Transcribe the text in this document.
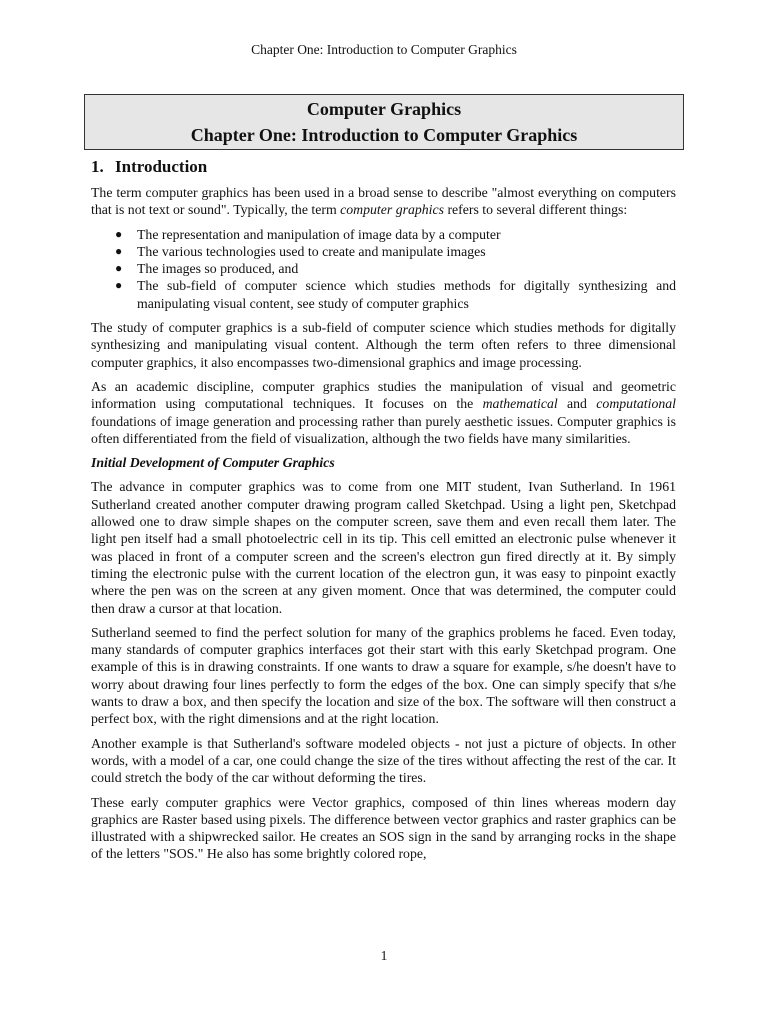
Chapter One: Introduction to Computer Graphics
Computer Graphics
Chapter One: Introduction to Computer Graphics
1. Introduction

The term computer graphics has been used in a broad sense to describe "almost everything on computers that is not text or sound". Typically, the term computer graphics refers to several different things:

● The representation and manipulation of image data by a computer
● The various technologies used to create and manipulate images
● The images so produced, and
● The sub-field of computer science which studies methods for digitally synthesizing and manipulating visual content, see study of computer graphics

The study of computer graphics is a sub-field of computer science which studies methods for digitally synthesizing and manipulating visual content. Although the term often refers to three dimensional computer graphics, it also encompasses two-dimensional graphics and image processing.

As an academic discipline, computer graphics studies the manipulation of visual and geometric information using computational techniques. It focuses on the mathematical and computational foundations of image generation and processing rather than purely aesthetic issues. Computer graphics is often differentiated from the field of visualization, although the two fields have many similarities.

Initial Development of Computer Graphics

The advance in computer graphics was to come from one MIT student, Ivan Sutherland. In 1961 Sutherland created another computer drawing program called Sketchpad. Using a light pen, Sketchpad allowed one to draw simple shapes on the computer screen, save them and even recall them later. The light pen itself had a small photoelectric cell in its tip. This cell emitted an electronic pulse whenever it was placed in front of a computer screen and the screen's electron gun fired directly at it. By simply timing the electronic pulse with the current location of the electron gun, it was easy to pinpoint exactly where the pen was on the screen at any given moment. Once that was determined, the computer could then draw a cursor at that location.

Sutherland seemed to find the perfect solution for many of the graphics problems he faced. Even today, many standards of computer graphics interfaces got their start with this early Sketchpad program. One example of this is in drawing constraints. If one wants to draw a square for example, s/he doesn't have to worry about drawing four lines perfectly to form the edges of the box. One can simply specify that s/he wants to draw a box, and then specify the location and size of the box. The software will then construct a perfect box, with the right dimensions and at the right location.

Another example is that Sutherland's software modeled objects - not just a picture of objects. In other words, with a model of a car, one could change the size of the tires without affecting the rest of the car. It could stretch the body of the car without deforming the tires.

These early computer graphics were Vector graphics, composed of thin lines whereas modern day graphics are Raster based using pixels. The difference between vector graphics and raster graphics can be illustrated with a shipwrecked sailor. He creates an SOS sign in the sand by arranging rocks in the shape of the letters "SOS." He also has some brightly colored rope,

1
